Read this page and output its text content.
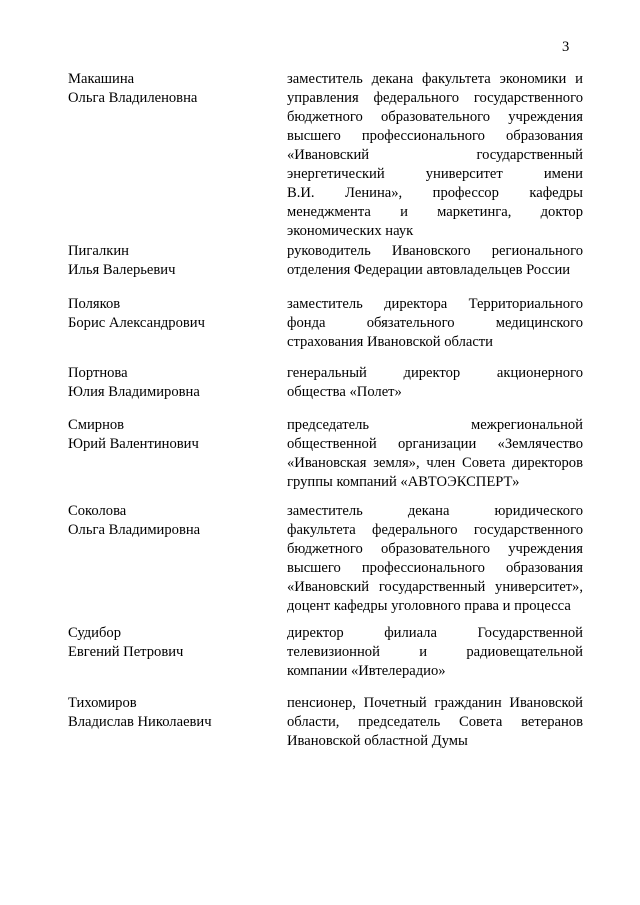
3
Макашина
Ольга Владиленовна
заместитель декана факультета экономики и
управления федерального государственного
бюджетного образовательного учреждения
высшего профессионального образования
«Ивановский государственный
энергетический университет имени
В.И. Ленина», профессор кафедры
менеджмента и маркетинга, доктор
экономических наук
Пигалкин
Илья Валерьевич
руководитель Ивановского регионального
отделения Федерации автовладельцев России
Поляков
Борис Александрович
заместитель директора Территориального
фонда обязательного медицинского
страхования Ивановской области
Портнова
Юлия Владимировна
генеральный директор акционерного
общества «Полет»
Смирнов
Юрий Валентинович
председатель межрегиональной
общественной организации «Землячество
«Ивановская земля», член Совета директоров
группы компаний «АВТОЭКСПЕРТ»
Соколова
Ольга Владимировна
заместитель декана юридического
факультета федерального государственного
бюджетного образовательного учреждения
высшего профессионального образования
«Ивановский государственный университет»,
доцент кафедры уголовного права и процесса
Судибор
Евгений Петрович
директор филиала Государственной
телевизионной и радиовещательной
компании «Ивтелерадио»
Тихомиров
Владислав Николаевич
пенсионер, Почетный гражданин Ивановской
области, председатель Совета ветеранов
Ивановской областной Думы
